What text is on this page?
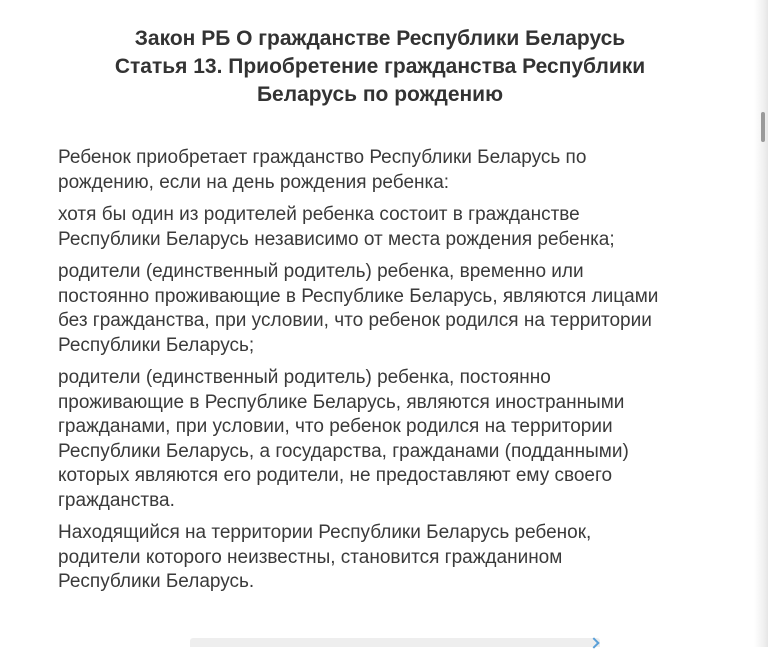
Закон РБ О гражданстве Республики Беларусь
Статья 13. Приобретение гражданства Республики
Беларусь по рождению
Ребенок приобретает гражданство Республики Беларусь по
рождению, если на день рождения ребенка:
хотя бы один из родителей ребенка состоит в гражданстве
Республики Беларусь независимо от места рождения ребенка;
родители (единственный родитель) ребенка, временно или
постоянно проживающие в Республике Беларусь, являются лицами
без гражданства, при условии, что ребенок родился на территории
Республики Беларусь;
родители (единственный родитель) ребенка, постоянно
проживающие в Республике Беларусь, являются иностранными
гражданами, при условии, что ребенок родился на территории
Республики Беларусь, а государства, гражданами (подданными)
которых являются его родители, не предоставляют ему своего
гражданства.
Находящийся на территории Республики Беларусь ребенок,
родители которого неизвестны, становится гражданином
Республики Беларусь.
